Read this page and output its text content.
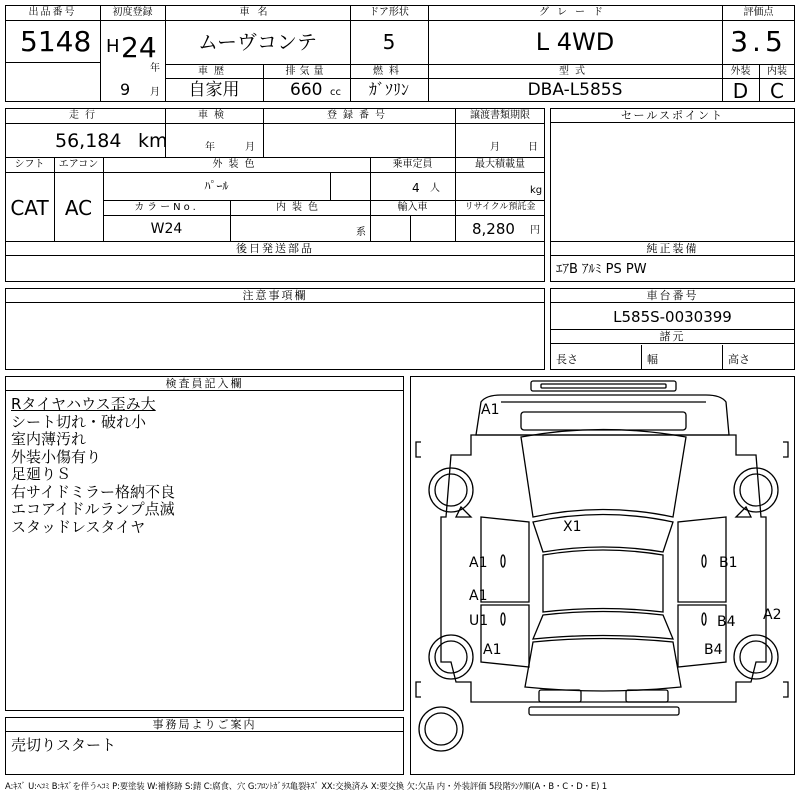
出品番号
5148
初度登録
H 24
年
9 月
車名
ムーヴコンテ
ドア形状
5
グレード
L 4WD
評価点
3.5
車歴
自家用
排気量
660 cc
燃料
ｶﾞｿﾘﾝ
型式
DBA-L585S
外装	内装
D	C
走行
56,184 km
車検
年	月
登録番号	譲渡書類期限
月	日
シフト
CAT
エアコン
AC
外装色
ﾊﾟｰﾙ
乗車定員
4 人
最大積載量
kg
カラーNo.
W24
内装色
系
輸入車	リサイクル預託金
8,280 円
セールスポイント
後日発送部品	純正装備
ｴｱB ｱﾙﾐ PS PW
注意事項欄	車台番号
L585S-0030399
諸元
長さ	幅	高さ
検査員記入欄
Rタイヤハウス歪み大
シート切れ・破れ小
室内薄汚れ
外装小傷有り
足廻りＳ
右サイドミラー格納不良
エコアイドルランプ点滅
スタッドレスタイヤ
事務局よりご案内
売切りスタート
A1
X1
A1	B1
A1
U1	B4 A2
A1	B4
A:ｷｽﾞ U:ﾍｺﾐ B:ｷｽﾞを伴うﾍｺﾐ P:要塗装 W:補修跡 S:錆 C:腐食、穴 G:ﾌﾛﾝﾄｶﾞﾗｽ亀裂ｷｽﾞ XX:交換済み X:要交換 欠:欠品 内・外装評価 5段階ﾗﾝｸ順(A・B・C・D・E) 1
